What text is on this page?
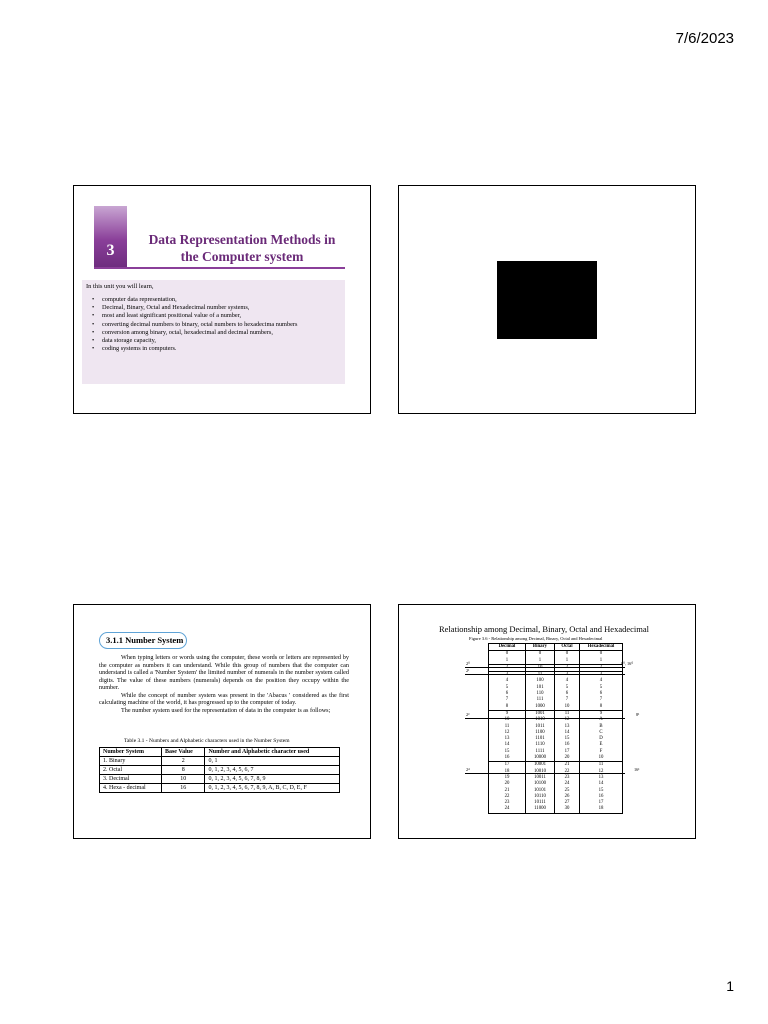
7/6/2023
3
Data Representation Methods in
the Computer system
In this unit you will learn,
• computer data representation,
• Decimal, Binary, Octal and Hexadecimal number systems,
• most and least significant positional value of a number,
• converting decimal numbers to binary, octal numbers to hexadecima numbers
• conversion among binary, octal, hexadecimal and decimal numbers,
• data storage capacity,
• coding systems in computers.
3.1.1 Number System

When typing letters or words using the computer, these words or letters are represented by the computer as numbers it can understand. While this group of numbers that the computer can understand is called a 'Number System' the limited number of numerals in the number system called digits. The value of these numbers (numerals) depends on the position they occupy within the number.

While the concept of number system was present in the 'Abacus ' considered as the first calculating machine of the world, it has progressed up to the computer of today.

The number system used for the representation of data in the computer is as follows;

Table 3.1 - Numbers and Alphabetic characters used in the Number System
Number System	Base Value	Number and Alphabetic character used
1. Binary	2	0, 1
2. Octal	8	0, 1, 2, 3, 4, 5, 6, 7
3. Decimal	10	0, 1, 2, 3, 4, 5, 6, 7, 8, 9
4. Hexa - decimal	16	0, 1, 2, 3, 4, 5, 6, 7, 8, 9, A, B, C, D, E, F
Relationship among Decimal, Binary, Octal and Hexadecimal
Figure 3.6 - Relationship among Decimal, Binary, Octal and Hexadecimal
Decimal	Binary	Octal	Hexadecimal
0	0	0	0
1	1	1	1
2	10	2	2
3	11	3	3
4	100	4	4
5	101	5	5
6	110	6	6
7	111	7	7
8	1000	10	8
9	1001	11	9
10	1010	12	A
11	1011	13	B
12	1100	14	C
13	1101	15	D
14	1110	16	E
15	1111	17	F
16	10000	20	10
17	10001	21	11
18	10010	22	12
19	10011	23	13
20	10100	24	14
21	10101	25	15
22	10110	26	16
23	10111	27	17
24	11000	30	18
2⁰	8⁰, 16⁰
2¹
2³	8¹
2⁴	16¹
1
